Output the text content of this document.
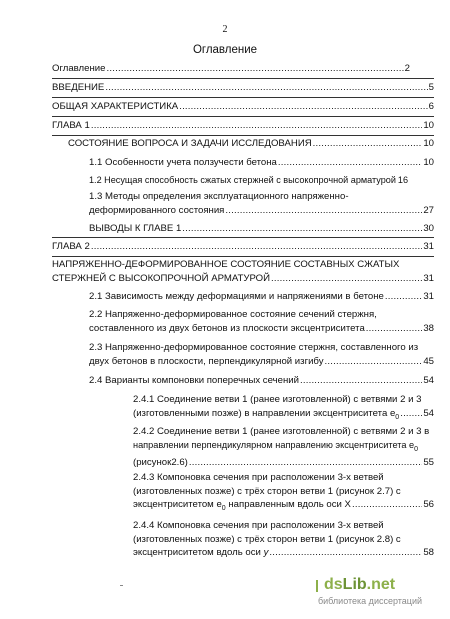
2
Оглавление
Оглавление .....	2
ВВЕДЕНИЕ .....	5
ОБЩАЯ ХАРАКТЕРИСТИКА .....	6
ГЛАВА 1 .....	10
СОСТОЯНИЕ ВОПРОСА И ЗАДАЧИ ИССЛЕДОВАНИЯ .....	10
1.1 Особенности учета ползучести бетона .....	10
1.2 Несущая способность сжатых стержней с высокопрочной арматурой 16
1.3 Методы определения эксплуатационного напряженно-
деформированного состояния .....	27
ВЫВОДЫ К ГЛАВЕ 1 .....	30
ГЛАВА 2 .....	31
НАПРЯЖЕННО-ДЕФОРМИРОВАННОЕ СОСТОЯНИЕ СОСТАВНЫХ СЖАТЫХ
СТЕРЖНЕЙ С ВЫСОКОПРОЧНОЙ АРМАТУРОЙ .....	31
2.1 Зависимость между деформациями и напряжениями в бетоне .....	31
2.2 Напряженно-деформированное состояние сечений стержня,
составленного из двух бетонов из плоскости эксцентриситета .....	38
2.3 Напряженно-деформированное состояние стержня, составленного из
двух бетонов в плоскости, перпендикулярной изгибу .....	45
2.4 Варианты компоновки поперечных сечений .....	54
2.4.1 Соединение ветви 1 (ранее изготовленной) с ветвями 2 и 3
(изготовленными позже) в направлении эксцентриситета $e_0$ .....	54
2.4.2 Соединение ветви 1 (ранее изготовленной) с ветвями 2 и 3 в
направлении перпендикулярном направлению эксцентриситета $e_0$
(рисунок2.6) .....	55
2.4.3 Компоновка сечения при расположении 3-х ветвей
(изготовленных позже) с трёх сторон ветви 1 (рисунок 2.7) с
эксцентриситетом $e_0$ направленным вдоль оси X .....	56
2.4.4 Компоновка сечения при расположении 3-х ветвей
(изготовленных позже) с трёх сторон ветви 1 (рисунок 2.8) с
эксцентриситетом вдоль оси y .....	58
dsLib.net
библиотека диссертаций
